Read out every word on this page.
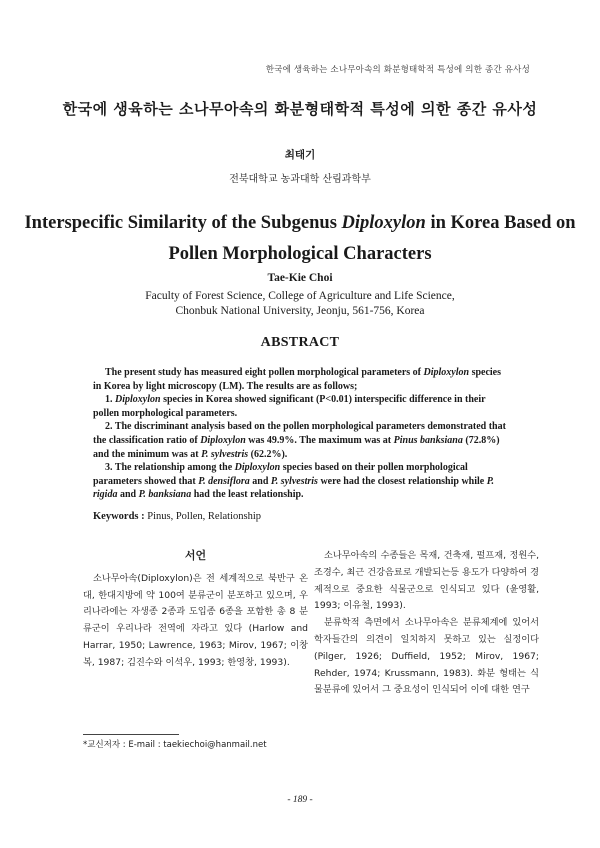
한국에 생육하는 소나무아속의 화분형태학적 특성에 의한 종간 유사성
한국에 생육하는 소나무아속의 화분형태학적 특성에 의한 종간 유사성
최태기
전북대학교 농과대학 산림과학부
Interspecific Similarity of the Subgenus Diploxylon in Korea Based on
Pollen Morphological Characters
Tae-Kie Choi
Faculty of Forest Science, College of Agriculture and Life Science,
Chonbuk National University, Jeonju, 561-756, Korea
ABSTRACT

The present study has measured eight pollen morphological parameters of Diploxylon species in Korea by light microscopy (LM). The results are as follows;

1. Diploxylon species in Korea showed significant (P<0.01) interspecific difference in their pollen morphological parameters.

2. The discriminant analysis based on the pollen morphological parameters demonstrated that the classification ratio of Diploxylon was 49.9%. The maximum was at Pinus banksiana (72.8%) and the minimum was at P. sylvestris (62.2%).

3. The relationship among the Diploxylon species based on their pollen morphological parameters showed that P. densiflora and P. sylvestris were had the closest relationship while P. rigida and P. banksiana had the least relationship.

Keywords : Pinus, Pollen, Relationship
서언

소나무아속(Diploxylon)은 전 세계적으로 북반구 온대, 한대지방에 약 100여 분류군이 분포하고 있으며, 우리나라에는 자생종 2종과 도입종 6종을 포함한 총 8 분류군이 우리나라 전역에 자라고 있다 (Harlow and Harrar, 1950; Lawrence, 1963; Mirov, 1967; 이창복, 1987; 김진수와 이석우, 1993; 한영창, 1993).

소나무아속의 수종들은 목재, 건축재, 펄프재, 정원수, 조경수, 최근 건강음료로 개발되는등 용도가 다양하여 경제적으로 중요한 식물군으로 인식되고 있다 (윤영활, 1993; 이유철, 1993).

분류학적 측면에서 소나무아속은 분류체계에 있어서 학자들간의 의견이 일치하지 못하고 있는 실정이다 (Pilger, 1926; Duffield, 1952; Mirov, 1967; Rehder, 1974; Krussmann, 1983). 화분 형태는 식물분류에 있어서 그 중요성이 인식되어 이에 대한 연구

*교신저자 : E-mail : taekiechoi@hanmail.net
- 189 -
